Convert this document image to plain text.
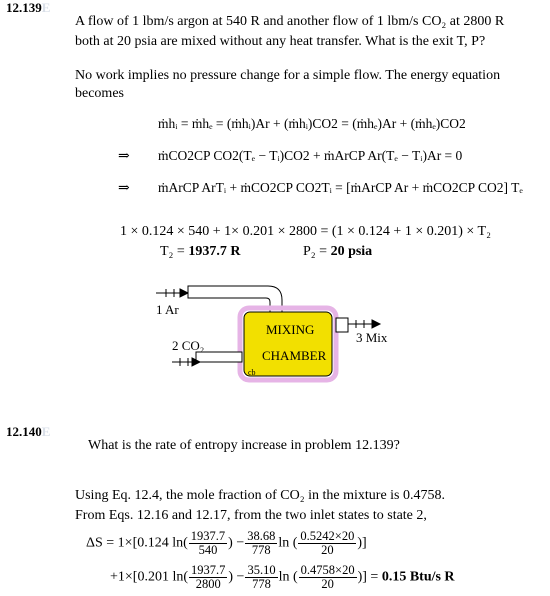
12.139E
A flow of 1 lbm/s argon at 540 R and another flow of 1 lbm/s CO₂ at 2800 R
both at 20 psia are mixed without any heat transfer. What is the exit T, P?
No work implies no pressure change for a simple flow. The energy equation
becomes
ṁhᵢ = ṁhₑ = (ṁhᵢ)Ar + (ṁhᵢ)CO2 = (ṁhₑ)Ar + (ṁhₑ)CO2
⇒ ṁCO2CP CO2(Tₑ − Tᵢ)CO2 + ṁArCP Ar(Tₑ − Tᵢ)Ar = 0
⇒ ṁArCP ArTᵢ + ṁCO2CP CO2Tᵢ = [ṁArCP Ar + ṁCO2CP CO2] Tₑ
1 × 0.124 × 540 + 1× 0.201 × 2800 = (1 × 0.124 + 1 × 0.201) × T₂
T₂ = 1937.7 R	P₂ = 20 psia
1 Ar
2 CO₂
MIXING
CHAMBER
3 Mix
cb
12.140E
What is the rate of entropy increase in problem 12.139?
Using Eq. 12.4, the mole fraction of CO₂ in the mixture is 0.4758.
From Eqs. 12.16 and 12.17, from the two inlet states to state 2,
ΔS = 1×[0.124 $\ln( \frac{1937.7}{540}$ ) − $\frac{38.68}{778}$ ln ( $\frac{0.5242\times 20}{20}$ )]
+1×[0.201 $\ln( \frac{1937.7}{2800}$ ) − $\frac{35.10}{778}$ ln ( $\frac{0.4758\times 20}{20}$ )] = 0.15 Btu/s R
